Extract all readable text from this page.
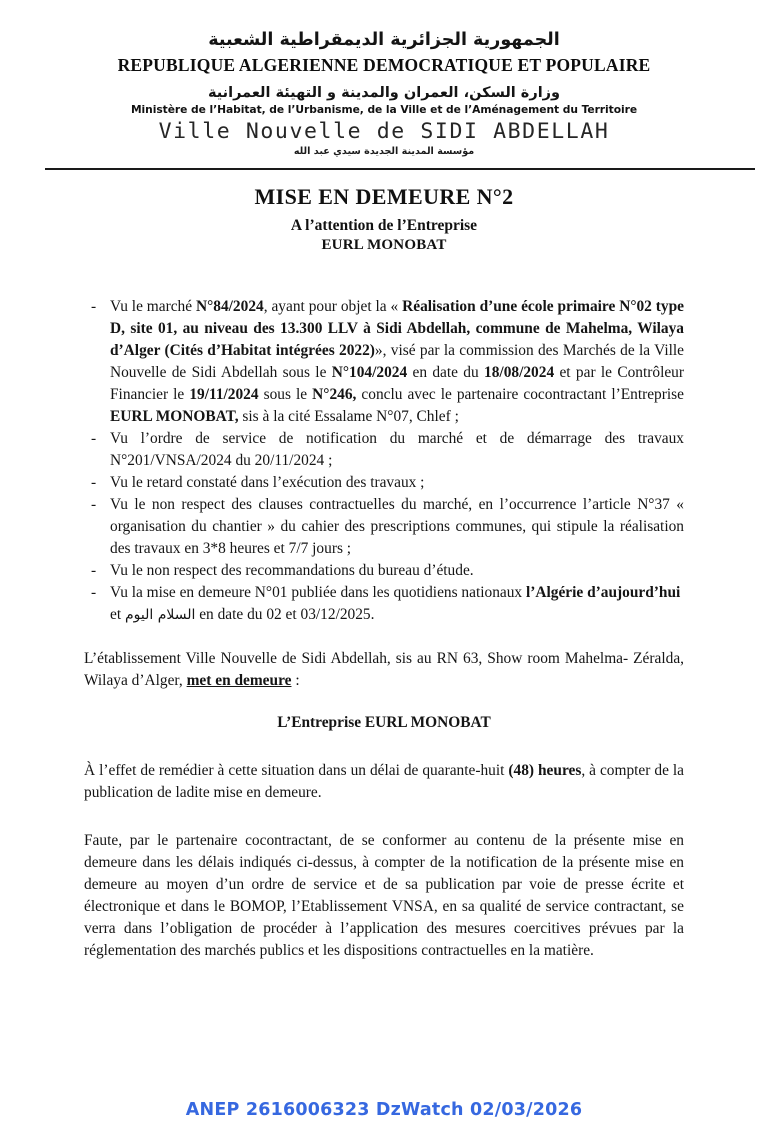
الجمهورية الجزائرية الديمقراطية الشعبية
REPUBLIQUE ALGERIENNE DEMOCRATIQUE ET POPULAIRE
وزارة السكن، العمران والمدينة و التهيئة العمرانية
Ministère de l’Habitat, de l’Urbanisme, de la Ville et de l’Aménagement du Territoire
Ville Nouvelle de SIDI ABDELLAH
مؤسسة المدينة الجديدة سيدي عبد الله
MISE EN DEMEURE N°2
A l’attention de l’Entreprise
EURL MONOBAT
- Vu le marché N°84/2024, ayant pour objet la « Réalisation d’une école primaire N°02 type D, site 01, au niveau des 13.300 LLV à Sidi Abdellah, commune de Mahelma, Wilaya d’Alger (Cités d’Habitat intégrées 2022)», visé par la commission des Marchés de la Ville Nouvelle de Sidi Abdellah sous le N°104/2024 en date du 18/08/2024 et par le Contrôleur Financier le 19/11/2024 sous le N°246, conclu avec le partenaire cocontractant l’Entreprise EURL MONOBAT, sis à la cité Essalame N°07, Chlef ;
- Vu l’ordre de service de notification du marché et de démarrage des travaux N°201/VNSA/2024 du 20/11/2024 ;
- Vu le retard constaté dans l’exécution des travaux ;
- Vu le non respect des clauses contractuelles du marché, en l’occurrence l’article N°37 « organisation du chantier » du cahier des prescriptions communes, qui stipule la réalisation des travaux en 3*8 heures et 7/7 jours ;
- Vu le non respect des recommandations du bureau d’étude.
- Vu la mise en demeure N°01 publiée dans les quotidiens nationaux l’Algérie d’aujourd’hui et السلام اليوم en date du 02 et 03/12/2025.
L’établissement Ville Nouvelle de Sidi Abdellah, sis au RN 63, Show room Mahelma- Zéralda, Wilaya d’Alger, met en demeure :
L’Entreprise EURL MONOBAT
À l’effet de remédier à cette situation dans un délai de quarante-huit (48) heures, à compter de la publication de ladite mise en demeure.
Faute, par le partenaire cocontractant, de se conformer au contenu de la présente mise en demeure dans les délais indiqués ci-dessus, à compter de la notification de la présente mise en demeure au moyen d’un ordre de service et de sa publication par voie de presse écrite et électronique et dans le BOMOP, l’Etablissement VNSA, en sa qualité de service contractant, se verra dans l’obligation de procéder à l’application des mesures coercitives prévues par la réglementation des marchés publics et les dispositions contractuelles en la matière.
ANEP 2616006323 DzWatch 02/03/2026
